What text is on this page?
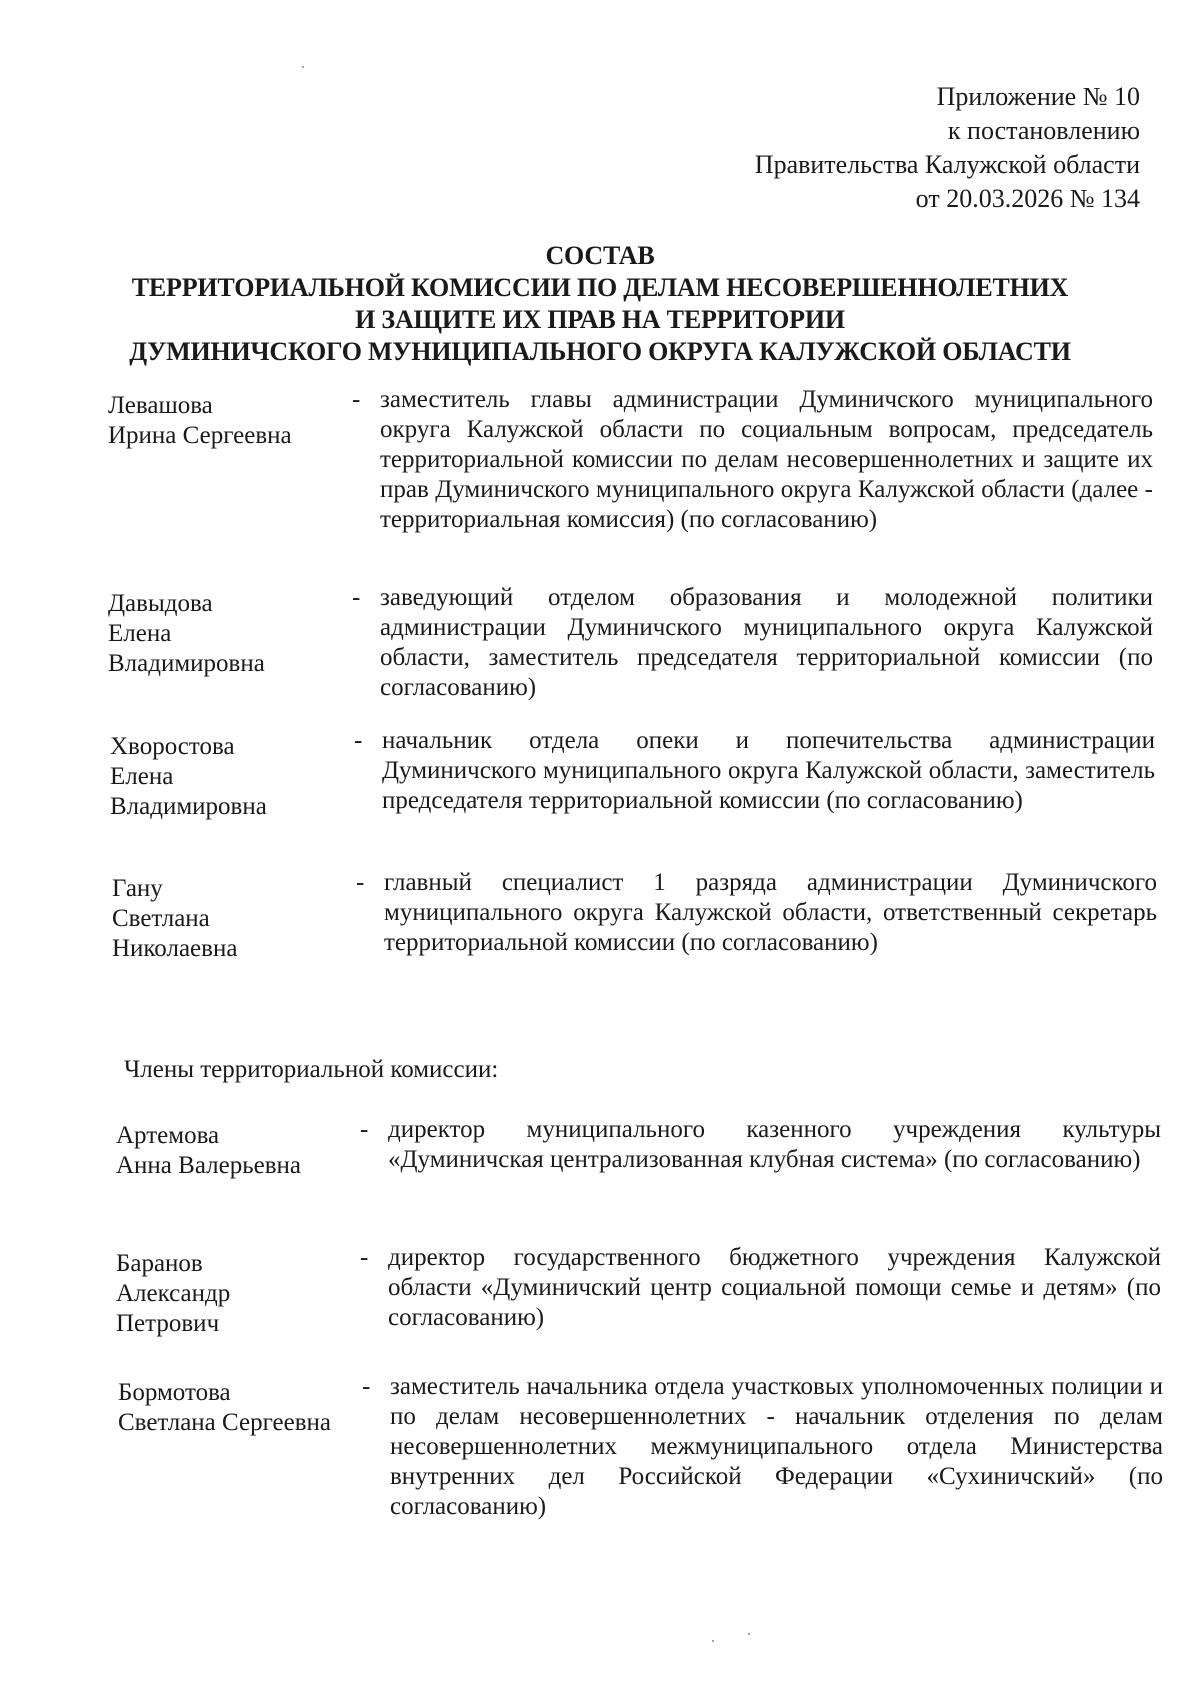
Приложение № 10
к постановлению
Правительства Калужской области
от 20.03.2026 № 134
СОСТАВ
ТЕРРИТОРИАЛЬНОЙ КОМИССИИ ПО ДЕЛАМ НЕСОВЕРШЕННОЛЕТНИХ
И ЗАЩИТЕ ИХ ПРАВ НА ТЕРРИТОРИИ
ДУМИНИЧСКОГО МУНИЦИПАЛЬНОГО ОКРУГА КАЛУЖСКОЙ ОБЛАСТИ
Левашова
Ирина Сергеевна
- заместитель главы администрации Думиничского муниципального округа Калужской области по социальным вопросам, председатель территориальной комиссии по делам несовершеннолетних и защите их прав Думиничского муниципального округа Калужской области (далее - территориальная комиссия) (по согласованию)
Давыдова
Елена
Владимировна
- заведующий отделом образования и молодежной политики администрации Думиничского муниципального округа Калужской области, заместитель председателя территориальной комиссии (по согласованию)
Хворостова
Елена
Владимировна
- начальник отдела опеки и попечительства администрации Думиничского муниципального округа Калужской области, заместитель председателя территориальной комиссии (по согласованию)
Гану
Светлана
Николаевна
- главный специалист 1 разряда администрации Думиничского муниципального округа Калужской области, ответственный секретарь территориальной комиссии (по согласованию)
Члены территориальной комиссии:
Артемова
Анна Валерьевна
- директор муниципального казенного учреждения культуры «Думиничская централизованная клубная система» (по согласованию)
Баранов
Александр
Петрович
- директор государственного бюджетного учреждения Калужской области «Думиничский центр социальной помощи семье и детям» (по согласованию)
Бормотова
Светлана Сергеевна
- заместитель начальника отдела участковых уполномоченных полиции и по делам несовершеннолетних - начальник отделения по делам несовершеннолетних межмуниципального отдела Министерства внутренних дел Российской Федерации «Сухиничский» (по согласованию)
